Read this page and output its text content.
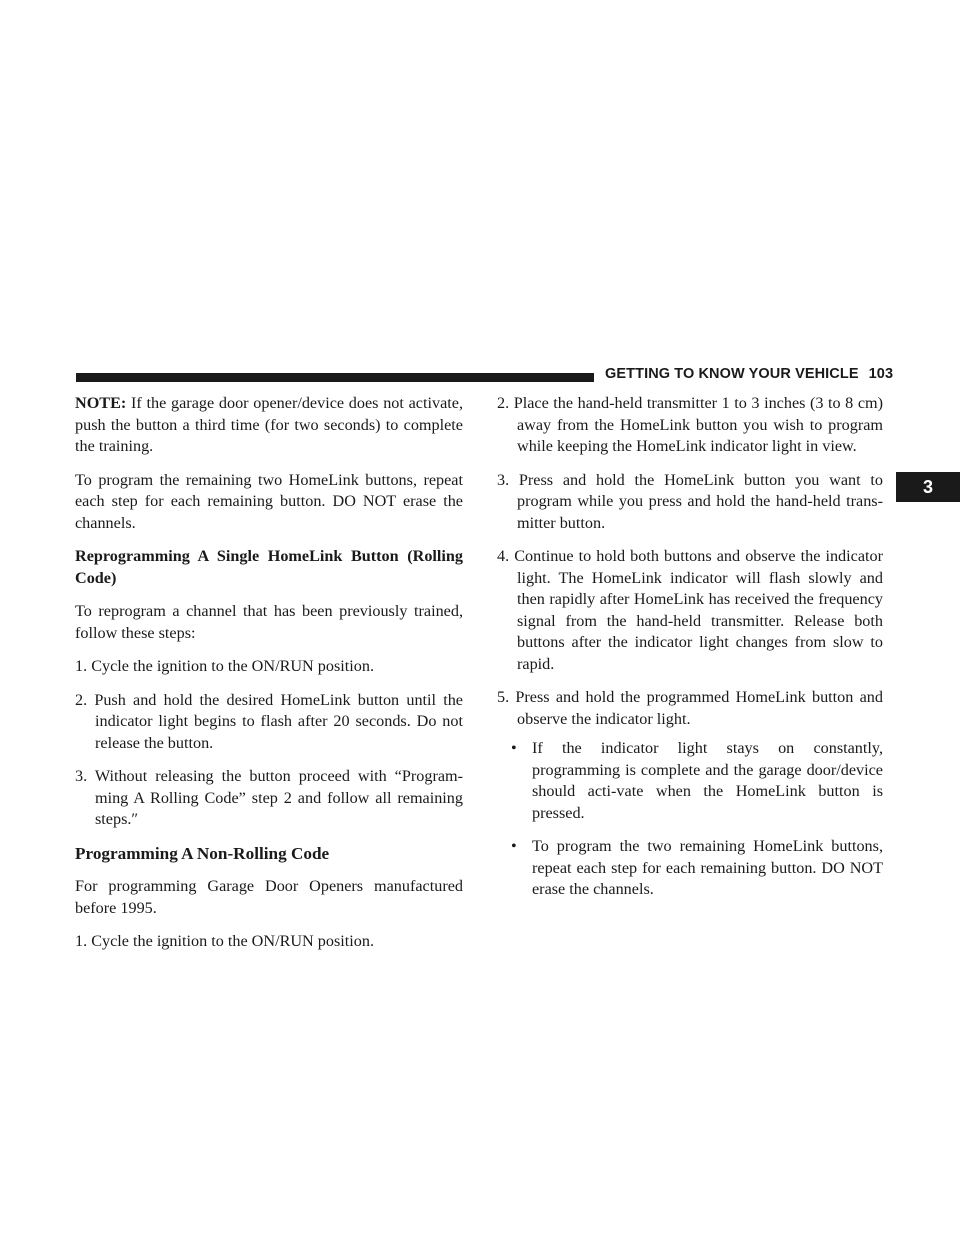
GETTING TO KNOW YOUR VEHICLE 103
3

NOTE: If the garage door opener/device does not activate, push the button a third time (for two seconds) to complete the training.

To program the remaining two HomeLink buttons, repeat each step for each remaining button. DO NOT erase the channels.

Reprogramming A Single HomeLink Button (Rolling Code)

To reprogram a channel that has been previously trained, follow these steps:

1. Cycle the ignition to the ON/RUN position.

2. Push and hold the desired HomeLink button until the indicator light begins to flash after 20 seconds. Do not release the button.

3. Without releasing the button proceed with “Program-ming A Rolling Code” step 2 and follow all remaining steps.″

Programming A Non-Rolling Code

For programming Garage Door Openers manufactured before 1995.

1. Cycle the ignition to the ON/RUN position.

2. Place the hand-held transmitter 1 to 3 inches (3 to 8 cm) away from the HomeLink button you wish to program while keeping the HomeLink indicator light in view.

3. Press and hold the HomeLink button you want to program while you press and hold the hand-held trans-mitter button.

4. Continue to hold both buttons and observe the indicator light. The HomeLink indicator will flash slowly and then rapidly after HomeLink has received the frequency signal from the hand-held transmitter. Release both buttons after the indicator light changes from slow to rapid.

5. Press and hold the programmed HomeLink button and observe the indicator light.

• If the indicator light stays on constantly, programming is complete and the garage door/device should acti-vate when the HomeLink button is pressed.

• To program the two remaining HomeLink buttons, repeat each step for each remaining button. DO NOT erase the channels.
